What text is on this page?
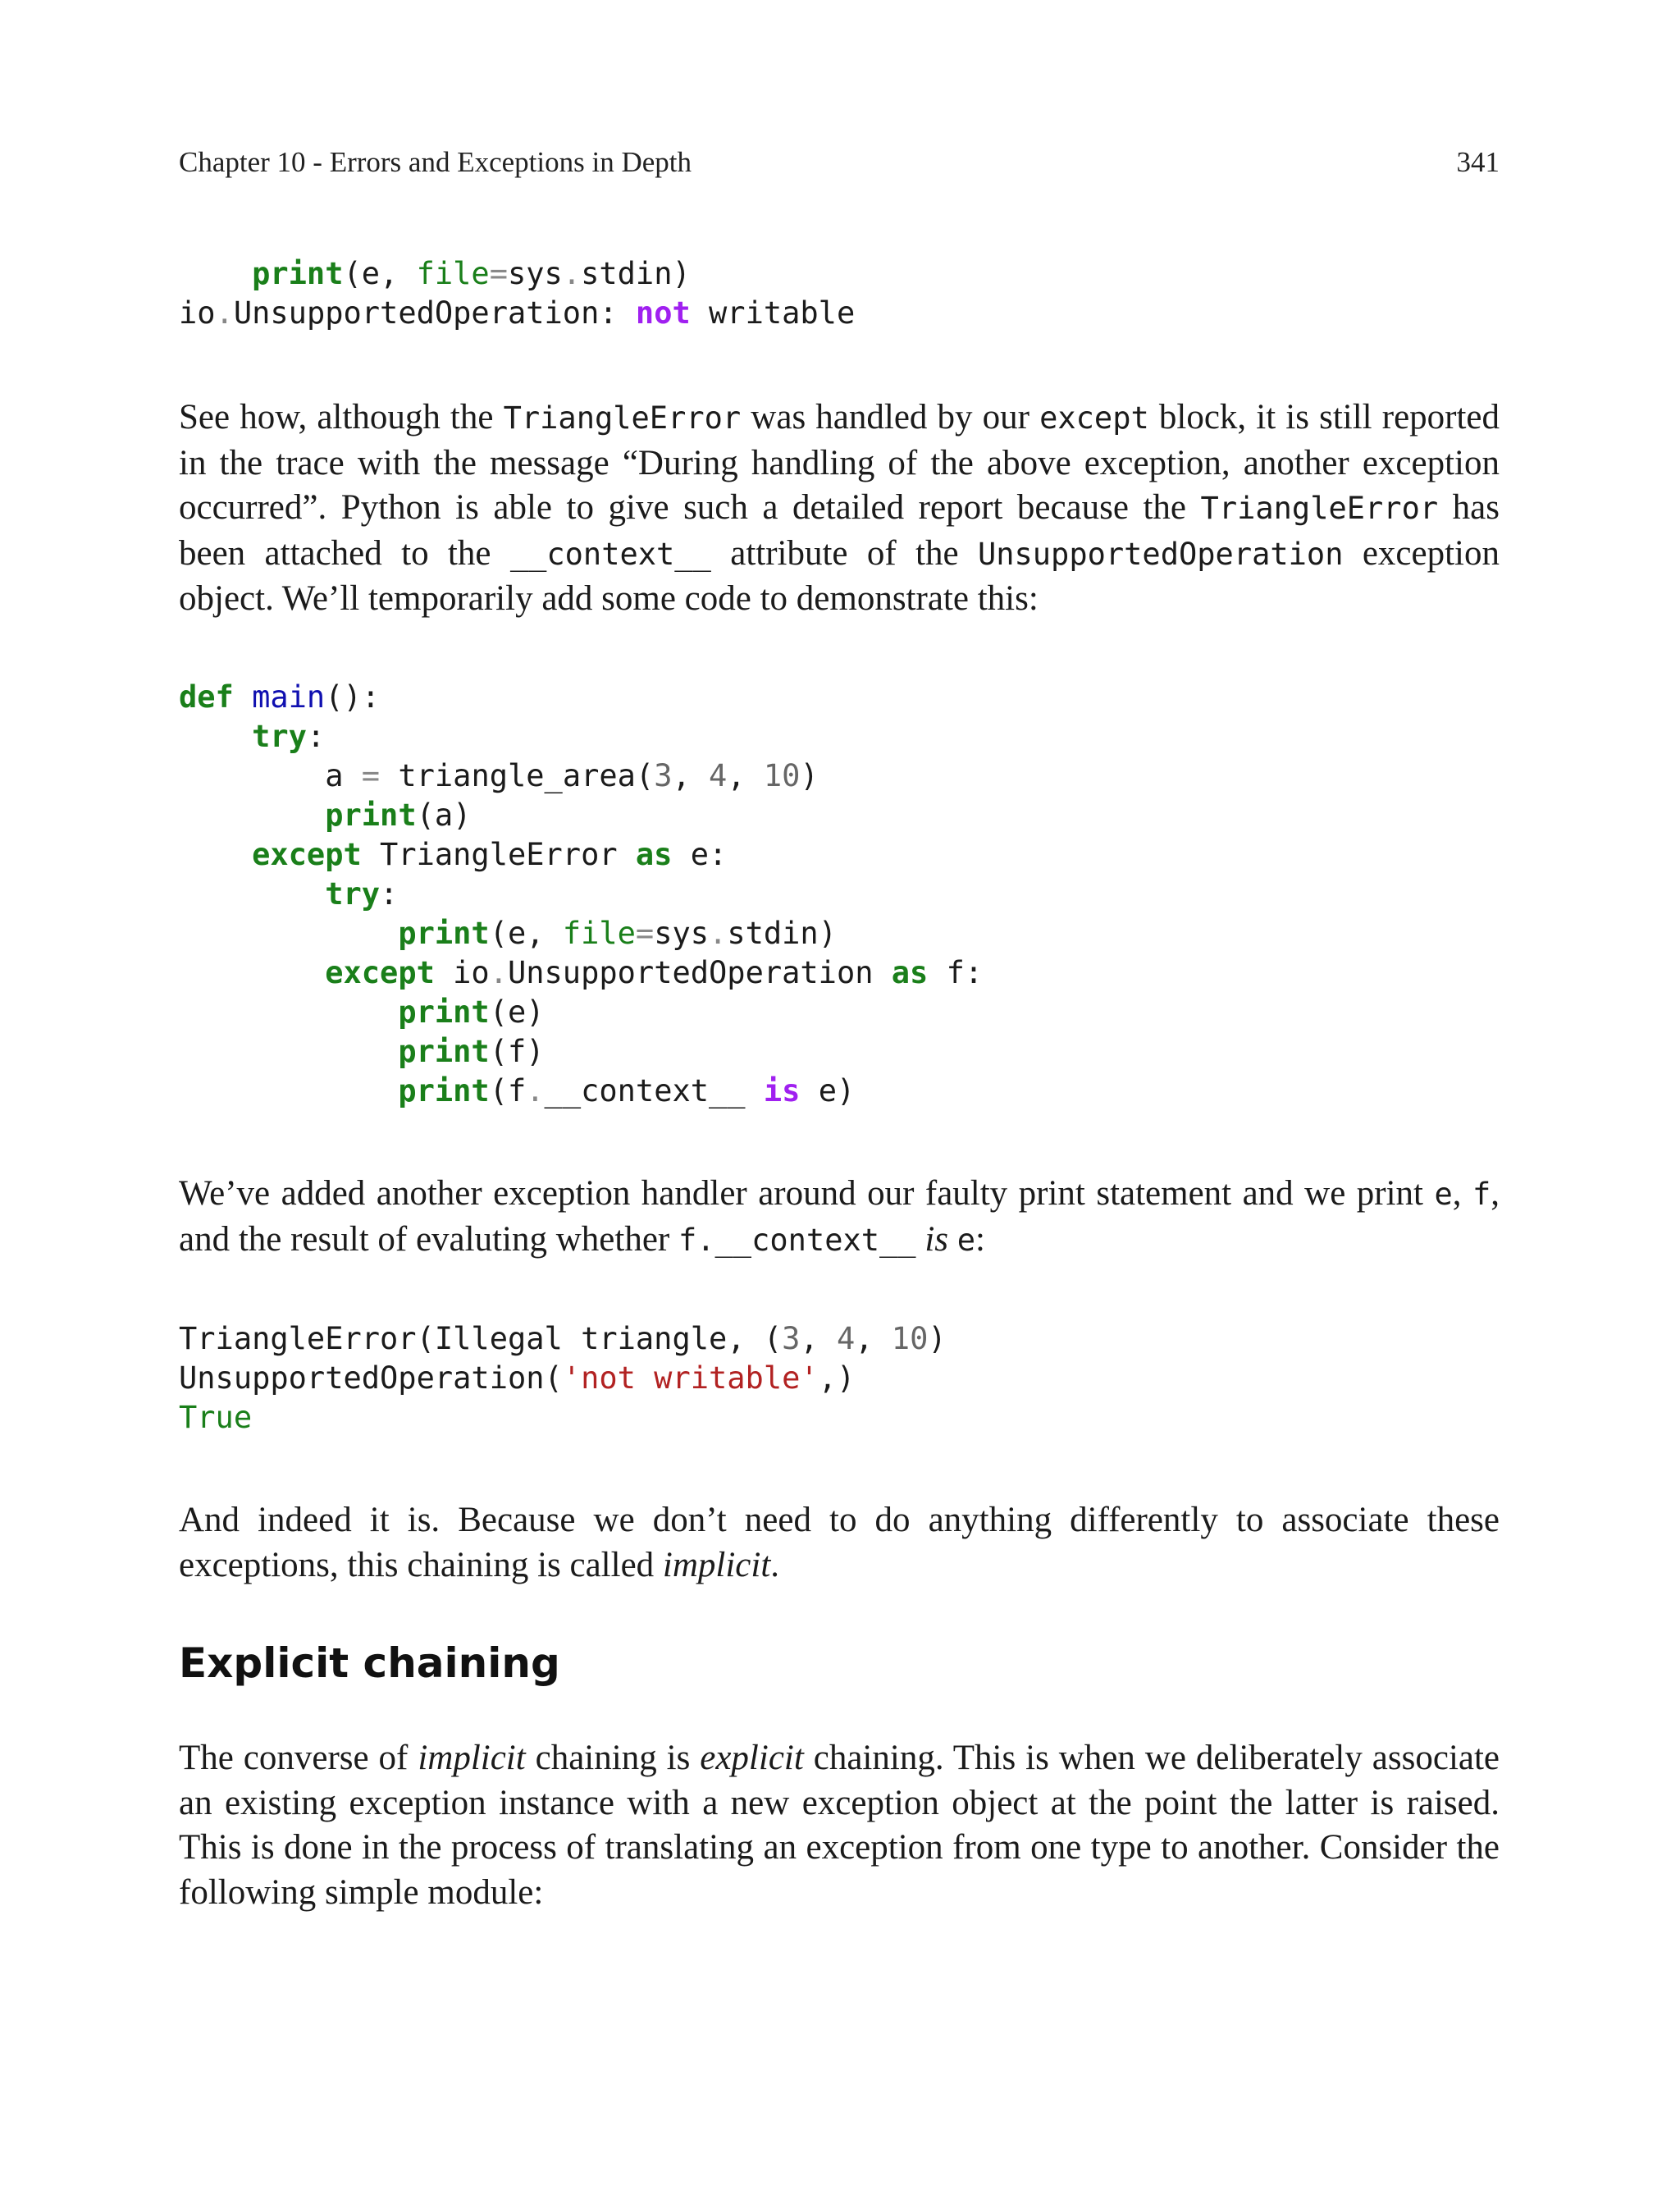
Chapter 10 - Errors and Exceptions in Depth	341
print(e, file=sys.stdin)
io.UnsupportedOperation: not writable

See how, although the TriangleError was handled by our except block, it is still reported in the trace with the message “During handling of the above exception, another exception occurred”. Python is able to give such a detailed report because the TriangleError has been attached to the __context__ attribute of the UnsupportedOperation exception object. We’ll temporarily add some code to demonstrate this:

def main():
try:
a = triangle_area(3, 4, 10)
print(a)
except TriangleError as e:
try:
print(e, file=sys.stdin)
except io.UnsupportedOperation as f:
print(e)
print(f)
print(f.__context__ is e)

We’ve added another exception handler around our faulty print statement and we print e, f, and the result of evaluting whether f.__context__ is e:

TriangleError(Illegal triangle, (3, 4, 10)
UnsupportedOperation('not writable',)
True

And indeed it is. Because we don’t need to do anything differently to associate these exceptions, this chaining is called implicit.

Explicit chaining

The converse of implicit chaining is explicit chaining. This is when we deliberately associate an existing exception instance with a new exception object at the point the latter is raised. This is done in the process of translating an exception from one type to another. Consider the following simple module:
